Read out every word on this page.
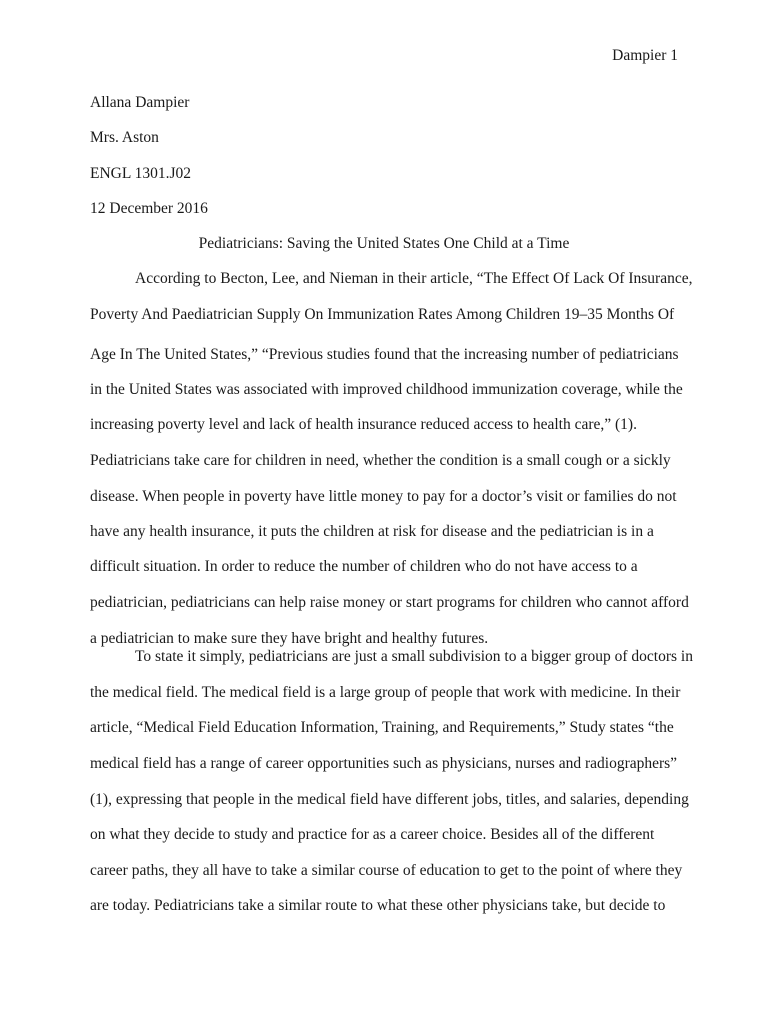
Dampier 1
Allana Dampier
Mrs. Aston
ENGL 1301.J02
12 December 2016
Pediatricians: Saving the United States One Child at a Time
According to Becton, Lee, and Nieman in their article, “The Effect Of Lack Of Insurance,
Poverty And Paediatrician Supply On Immunization Rates Among Children 19–35 Months Of
Age In The United States,” “Previous studies found that the increasing number of pediatricians
in the United States was associated with improved childhood immunization coverage, while the
increasing poverty level and lack of health insurance reduced access to health care,” (1).
Pediatricians take care for children in need, whether the condition is a small cough or a sickly
disease. When people in poverty have little money to pay for a doctor’s visit or families do not
have any health insurance, it puts the children at risk for disease and the pediatrician is in a
difficult situation. In order to reduce the number of children who do not have access to a
pediatrician, pediatricians can help raise money or start programs for children who cannot afford
a pediatrician to make sure they have bright and healthy futures.
To state it simply, pediatricians are just a small subdivision to a bigger group of doctors in
the medical field. The medical field is a large group of people that work with medicine. In their
article, “Medical Field Education Information, Training, and Requirements,” Study states “the
medical field has a range of career opportunities such as physicians, nurses and radiographers”
(1), expressing that people in the medical field have different jobs, titles, and salaries, depending
on what they decide to study and practice for as a career choice. Besides all of the different
career paths, they all have to take a similar course of education to get to the point of where they
are today. Pediatricians take a similar route to what these other physicians take, but decide to
